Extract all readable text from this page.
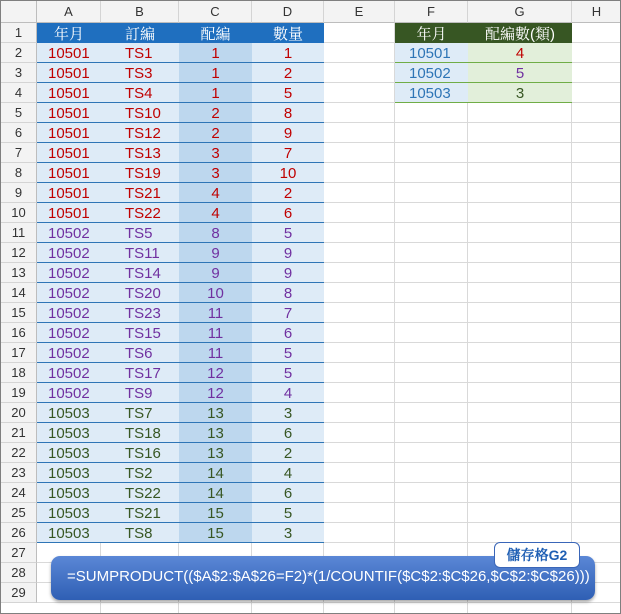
A	B	C	D	E	F	G	H
1
2
3
4
5
6
7
8
9
10
11
12
13
14
15
16
17
18
19
20
21
22
23
24
25
26
27
28
29
年月	訂編	配編	數量
10501	TS1	1	1
10501	TS3	1	2
10501	TS4	1	5
10501	TS10	2	8
10501	TS12	2	9
10501	TS13	3	7
10501	TS19	3	10
10501	TS21	4	2
10501	TS22	4	6
10502	TS5	8	5
10502	TS11	9	9
10502	TS14	9	9
10502	TS20	10	8
10502	TS23	11	7
10502	TS15	11	6
10502	TS6	11	5
10502	TS17	12	5
10502	TS9	12	4
10503	TS7	13	3
10503	TS18	13	6
10503	TS16	13	2
10503	TS2	14	4
10503	TS22	14	6
10503	TS21	15	5
10503	TS8	15	3
年月	配編數(類)
10501	4
10502	5
10503	3
=SUMPRODUCT(($A$2:$A$26=F2)*(1/COUNTIF($C$2:$C$26,$C$2:$C$26)))
儲存格G2
